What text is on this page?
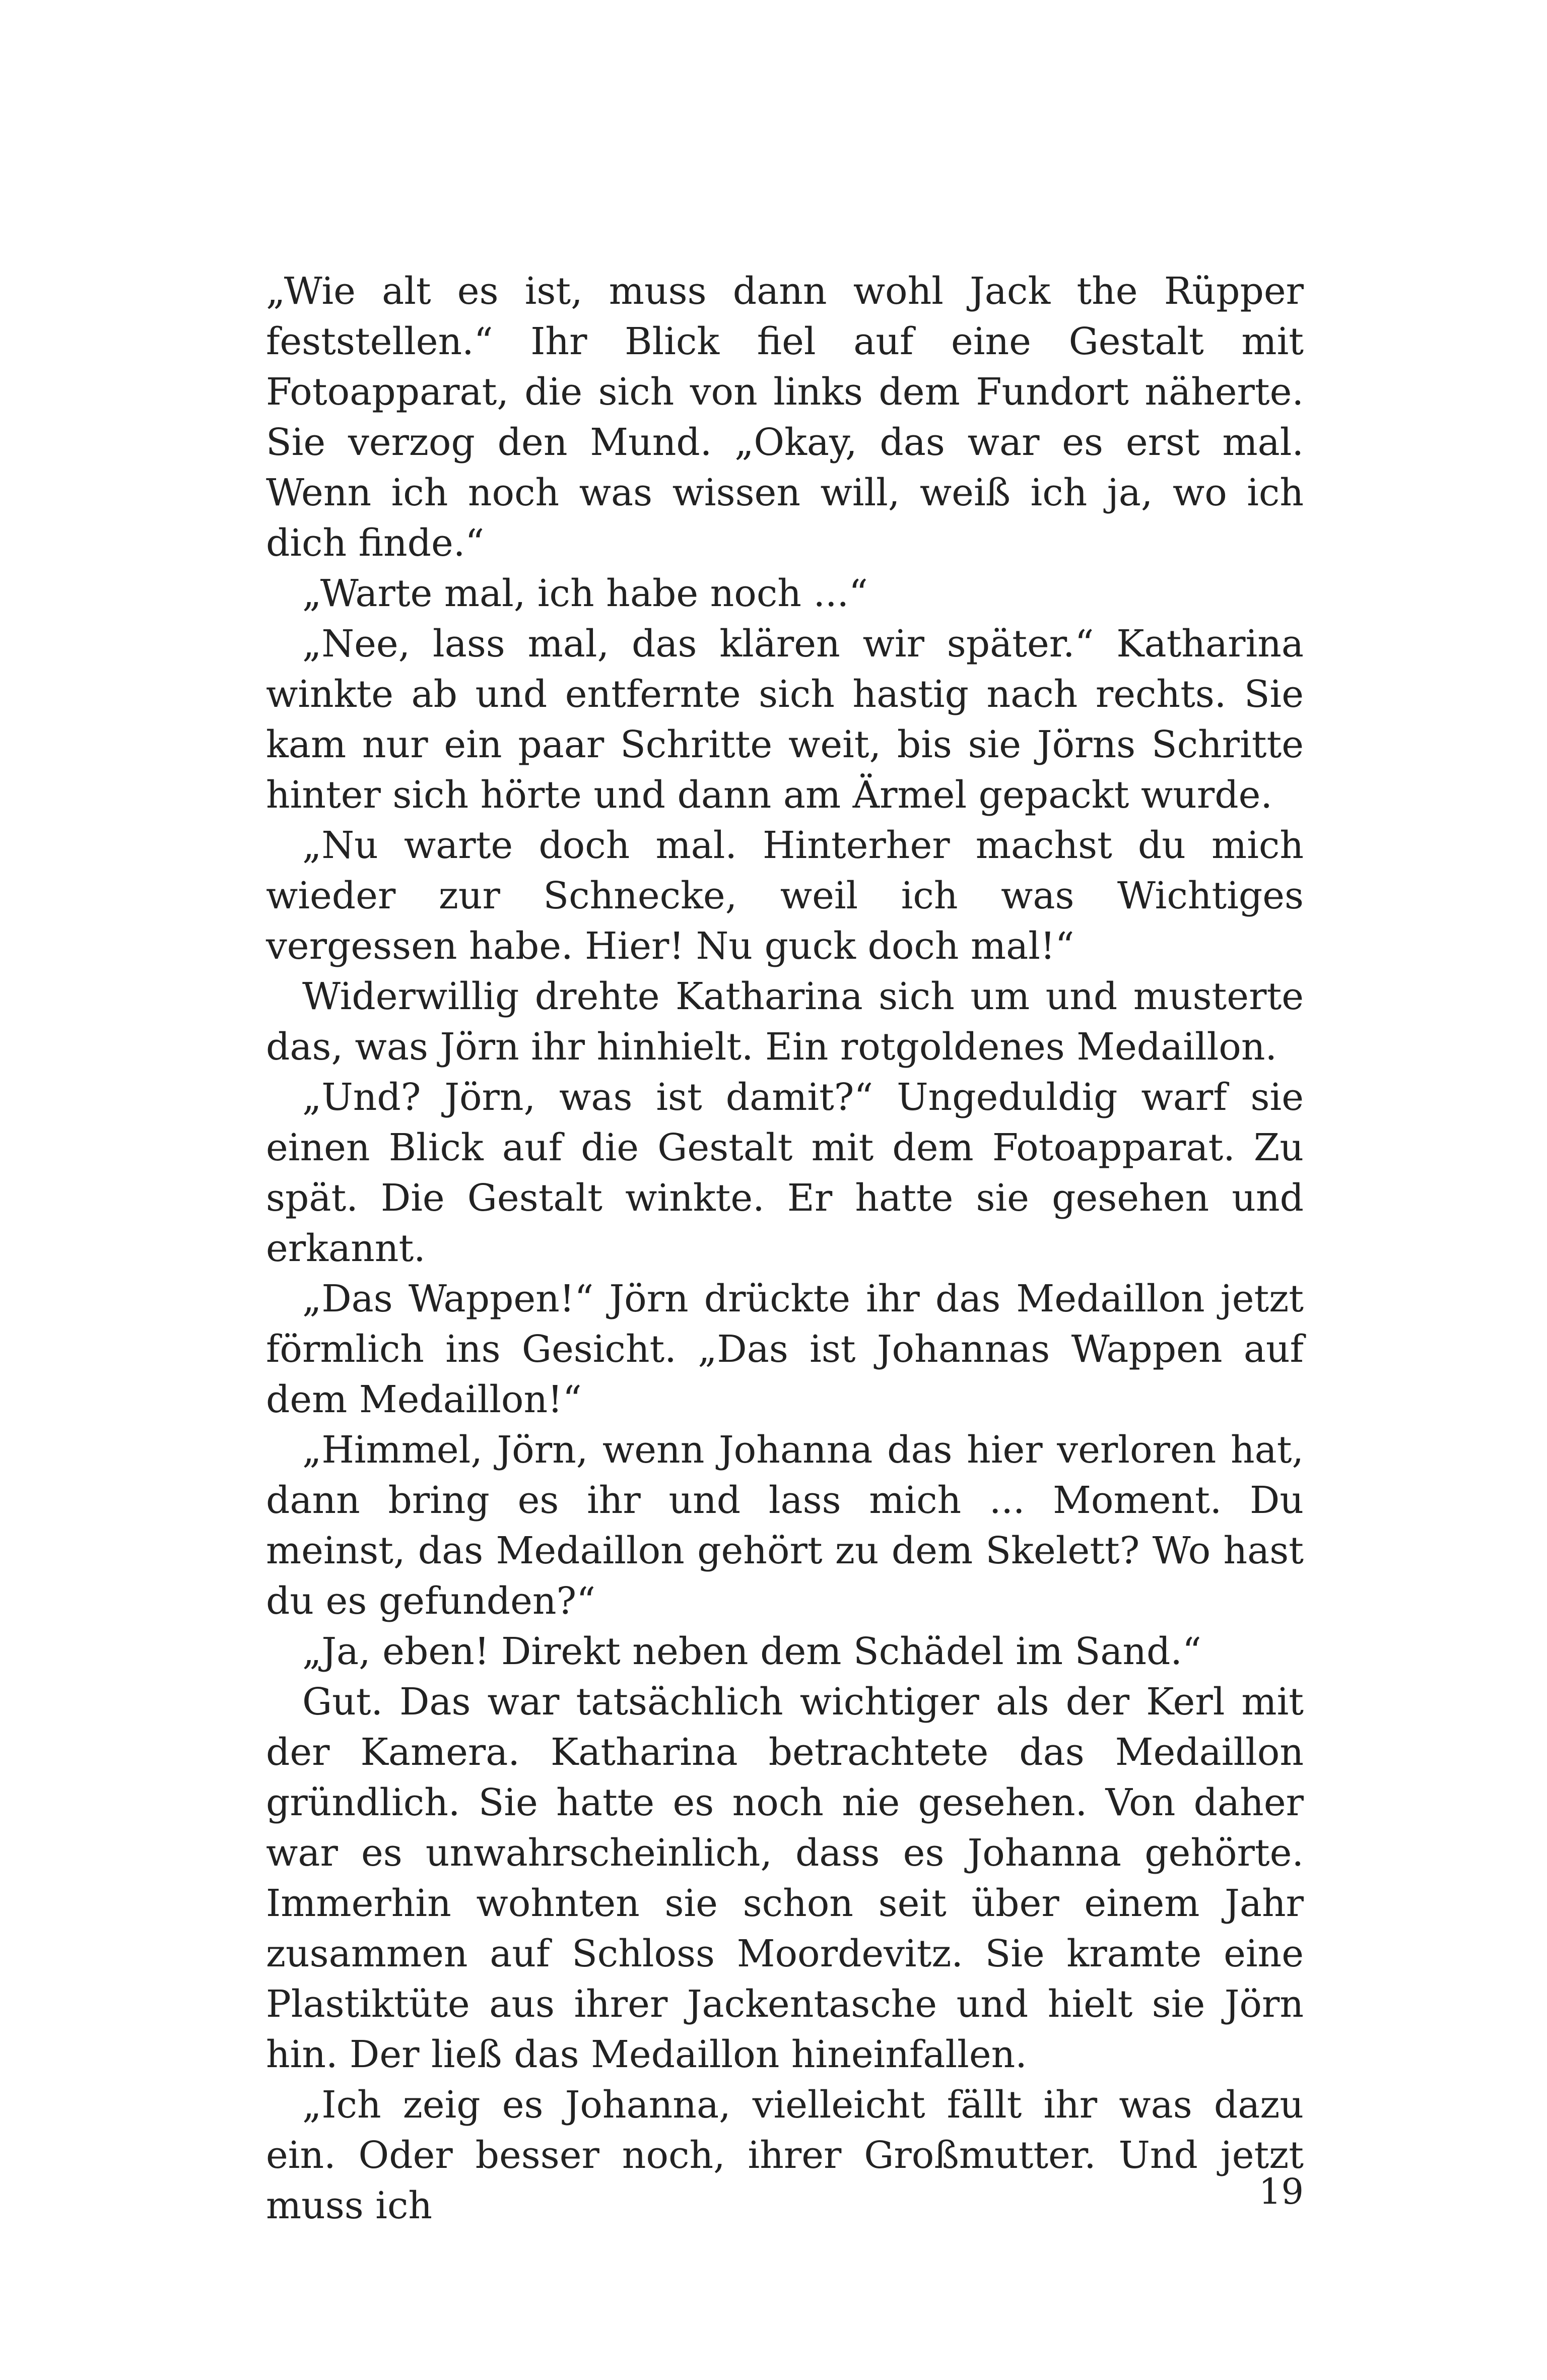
„Wie alt es ist, muss dann wohl Jack the Rüpper feststellen.“ Ihr Blick fiel auf eine Gestalt mit Fotoapparat, die sich von links dem Fundort näherte. Sie verzog den Mund. „Okay, das war es erst mal. Wenn ich noch was wissen will, weiß ich ja, wo ich dich finde.“

„Warte mal, ich habe noch ...“

„Nee, lass mal, das klären wir später.“ Katharina winkte ab und entfernte sich hastig nach rechts. Sie kam nur ein paar Schritte weit, bis sie Jörns Schritte hinter sich hörte und dann am Ärmel gepackt wurde.

„Nu warte doch mal. Hinterher machst du mich wieder zur Schnecke, weil ich was Wichtiges vergessen habe. Hier! Nu guck doch mal!“

Widerwillig drehte Katharina sich um und musterte das, was Jörn ihr hinhielt. Ein rotgoldenes Medaillon.

„Und? Jörn, was ist damit?“ Ungeduldig warf sie einen Blick auf die Gestalt mit dem Fotoapparat. Zu spät. Die Gestalt winkte. Er hatte sie gesehen und erkannt.

„Das Wappen!“ Jörn drückte ihr das Medaillon jetzt förmlich ins Gesicht. „Das ist Johannas Wappen auf dem Medaillon!“

„Himmel, Jörn, wenn Johanna das hier verloren hat, dann bring es ihr und lass mich ... Moment. Du meinst, das Medaillon gehört zu dem Skelett? Wo hast du es gefunden?“

„Ja, eben! Direkt neben dem Schädel im Sand.“

Gut. Das war tatsächlich wichtiger als der Kerl mit der Kamera. Katharina betrachtete das Medaillon gründlich. Sie hatte es noch nie gesehen. Von daher war es unwahrscheinlich, dass es Johanna gehörte. Immerhin wohnten sie schon seit über einem Jahr zusammen auf Schloss Moordevitz. Sie kramte eine Plastiktüte aus ihrer Jackentasche und hielt sie Jörn hin. Der ließ das Medaillon hineinfallen.

„Ich zeig es Johanna, vielleicht fällt ihr was dazu ein. Oder besser noch, ihrer Großmutter. Und jetzt muss ich	19
